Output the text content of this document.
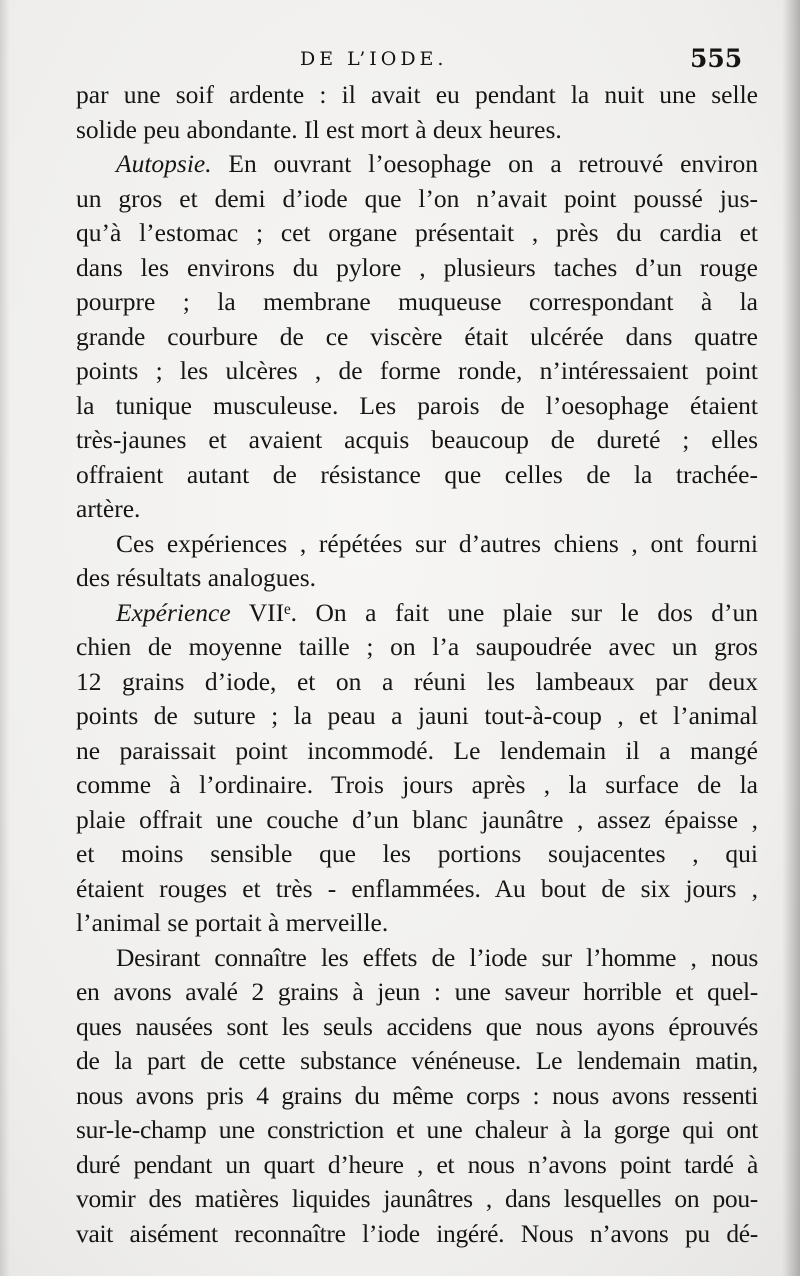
DE L’IODE.	555
par une soif ardente : il avait eu pendant la nuit une selle
solide peu abondante. Il est mort à deux heures.
Autopsie. En ouvrant l’oesophage on a retrouvé environ
un gros et demi d’iode que l’on n’avait point poussé jus-
qu’à l’estomac ; cet organe présentait , près du cardia et
dans les environs du pylore , plusieurs taches d’un rouge
pourpre ; la membrane muqueuse correspondant à la
grande courbure de ce viscère était ulcérée dans quatre
points ; les ulcères , de forme ronde, n’intéressaient point
la tunique musculeuse. Les parois de l’oesophage étaient
très-jaunes et avaient acquis beaucoup de dureté ; elles
offraient autant de résistance que celles de la trachée-
artère.
Ces expériences , répétées sur d’autres chiens , ont fourni
des résultats analogues.
Expérience VIIᵉ. On a fait une plaie sur le dos d’un
chien de moyenne taille ; on l’a saupoudrée avec un gros
12 grains d’iode, et on a réuni les lambeaux par deux
points de suture ; la peau a jauni tout-à-coup , et l’animal
ne paraissait point incommodé. Le lendemain il a mangé
comme à l’ordinaire. Trois jours après , la surface de la
plaie offrait une couche d’un blanc jaunâtre , assez épaisse ,
et moins sensible que les portions soujacentes , qui
étaient rouges et très - enflammées. Au bout de six jours ,
l’animal se portait à merveille.
Desirant connaître les effets de l’iode sur l’homme , nous
en avons avalé 2 grains à jeun : une saveur horrible et quel-
ques nausées sont les seuls accidens que nous ayons éprouvés
de la part de cette substance vénéneuse. Le lendemain matin,
nous avons pris 4 grains du même corps : nous avons ressenti
sur-le-champ une constriction et une chaleur à la gorge qui ont
duré pendant un quart d’heure , et nous n’avons point tardé à
vomir des matières liquides jaunâtres , dans lesquelles on pou-
vait aisément reconnaître l’iode ingéré. Nous n’avons pu dé-
